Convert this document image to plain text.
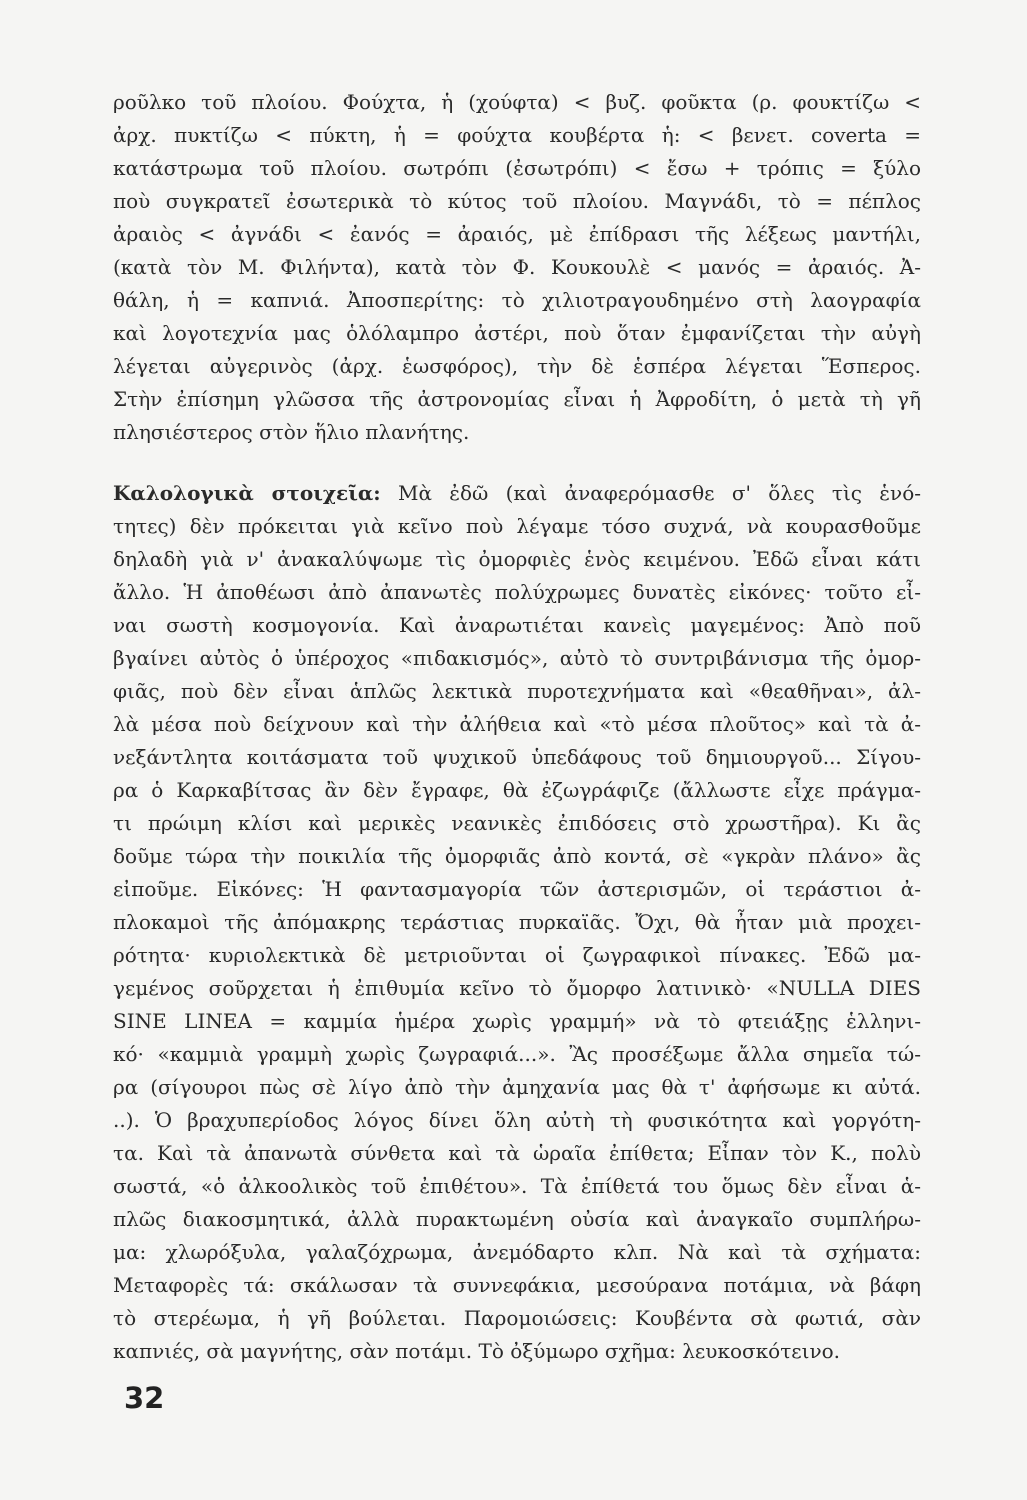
ροῦλκο τοῦ πλοίου. Φούχτα, ἡ (χούφτα) < βυζ. φοῦκτα (ρ. φουκτίζω <
ἀρχ. πυκτίζω < πύκτη, ἡ = φούχτα κουβέρτα ἡ: < βενετ. coverta =
κατάστρωμα τοῦ πλοίου. σωτρόπι (ἐσωτρόπι) < ἔσω + τρόπις = ξύλο
ποὺ συγκρατεῖ ἐσωτερικὰ τὸ κύτος τοῦ πλοίου. Μαγνάδι, τὸ = πέπλος
ἀραιὸς < ἀγνάδι < ἐανός = ἀραιός, μὲ ἐπίδρασι τῆς λέξεως μαντήλι,
(κατὰ τὸν Μ. Φιλήντα), κατὰ τὸν Φ. Κουκουλὲ < μανός = ἀραιός. Ἀ-
θάλη, ἡ = καπνιά. Ἀποσπερίτης: τὸ χιλιοτραγουδημένο στὴ λαογραφία
καὶ λογοτεχνία μας ὁλόλαμπρο ἀστέρι, ποὺ ὅταν ἐμφανίζεται τὴν αὐγὴ
λέγεται αὐγερινὸς (ἀρχ. ἑωσφόρος), τὴν δὲ ἑσπέρα λέγεται Ἕσπερος.
Στὴν ἐπίσημη γλῶσσα τῆς ἀστρονομίας εἶναι ἡ Ἀφροδίτη, ὁ μετὰ τὴ γῆ
πλησιέστερος στὸν ἥλιο πλανήτης.
Καλολογικὰ στοιχεῖα: Μὰ ἐδῶ (καὶ ἀναφερόμασθε σ' ὅλες τὶς ἑνό-
τητες) δὲν πρόκειται γιὰ κεῖνο ποὺ λέγαμε τόσο συχνά, νὰ κουρασθοῦμε
δηλαδὴ γιὰ ν' ἀνακαλύψωμε τὶς ὀμορφιὲς ἑνὸς κειμένου. Ἐδῶ εἶναι κάτι
ἄλλο. Ἡ ἀποθέωσι ἀπὸ ἀπανωτὲς πολύχρωμες δυνατὲς εἰκόνες· τοῦτο εἶ-
ναι σωστὴ κοσμογονία. Καὶ ἀναρωτιέται κανεὶς μαγεμένος: Ἀπὸ ποῦ
βγαίνει αὐτὸς ὁ ὑπέροχος «πιδακισμός», αὐτὸ τὸ συντριβάνισμα τῆς ὀμορ-
φιᾶς, ποὺ δὲν εἶναι ἁπλῶς λεκτικὰ πυροτεχνήματα καὶ «θεαθῆναι», ἀλ-
λὰ μέσα ποὺ δείχνουν καὶ τὴν ἀλήθεια καὶ «τὸ μέσα πλοῦτος» καὶ τὰ ἀ-
νεξάντλητα κοιτάσματα τοῦ ψυχικοῦ ὑπεδάφους τοῦ δημιουργοῦ... Σίγου-
ρα ὁ Καρκαβίτσας ἂν δὲν ἔγραφε, θὰ ἐζωγράφιζε (ἄλλωστε εἶχε πράγμα-
τι πρώιμη κλίσι καὶ μερικὲς νεανικὲς ἐπιδόσεις στὸ χρωστῆρα). Κι ἂς
δοῦμε τώρα τὴν ποικιλία τῆς ὀμορφιᾶς ἀπὸ κοντά, σὲ «γκρὰν πλάνο» ἂς
εἰποῦμε. Εἰκόνες: Ἡ φαντασμαγορία τῶν ἀστερισμῶν, οἱ τεράστιοι ἀ-
πλοκαμοὶ τῆς ἀπόμακρης τεράστιας πυρκαϊᾶς. Ὄχι, θὰ ἦταν μιὰ προχει-
ρότητα· κυριολεκτικὰ δὲ μετριοῦνται οἱ ζωγραφικοὶ πίνακες. Ἐδῶ μα-
γεμένος σοῦρχεται ἡ ἐπιθυμία κεῖνο τὸ ὄμορφο λατινικὸ· «NULLA DIES
SINE LINEA = καμμία ἡμέρα χωρὶς γραμμή» νὰ τὸ φτειάξῃς ἑλληνι-
κό· «καμμιὰ γραμμὴ χωρὶς ζωγραφιά...». Ἂς προσέξωμε ἄλλα σημεῖα τώ-
ρα (σίγουροι πὼς σὲ λίγο ἀπὸ τὴν ἀμηχανία μας θὰ τ' ἀφήσωμε κι αὐτά.
..). Ὁ βραχυπερίοδος λόγος δίνει ὅλη αὐτὴ τὴ φυσικότητα καὶ γοργότη-
τα. Καὶ τὰ ἀπανωτὰ σύνθετα καὶ τὰ ὡραῖα ἐπίθετα; Εἶπαν τὸν Κ., πολὺ
σωστά, «ὁ ἀλκοολικὸς τοῦ ἐπιθέτου». Τὰ ἐπίθετά του ὅμως δὲν εἶναι ἁ-
πλῶς διακοσμητικά, ἀλλὰ πυρακτωμένη οὐσία καὶ ἀναγκαῖο συμπλήρω-
μα: χλωρόξυλα, γαλαζόχρωμα, ἀνεμόδαρτο κλπ. Νὰ καὶ τὰ σχήματα:
Μεταφορὲς τά: σκάλωσαν τὰ συννεφάκια, μεσούρανα ποτάμια, νὰ βάφη
τὸ στερέωμα, ἡ γῆ βούλεται. Παρομοιώσεις: Κουβέντα σὰ φωτιά, σὰν
καπνιές, σὰ μαγνήτης, σὰν ποτάμι. Τὸ ὀξύμωρο σχῆμα: λευκοσκότεινο.
32
